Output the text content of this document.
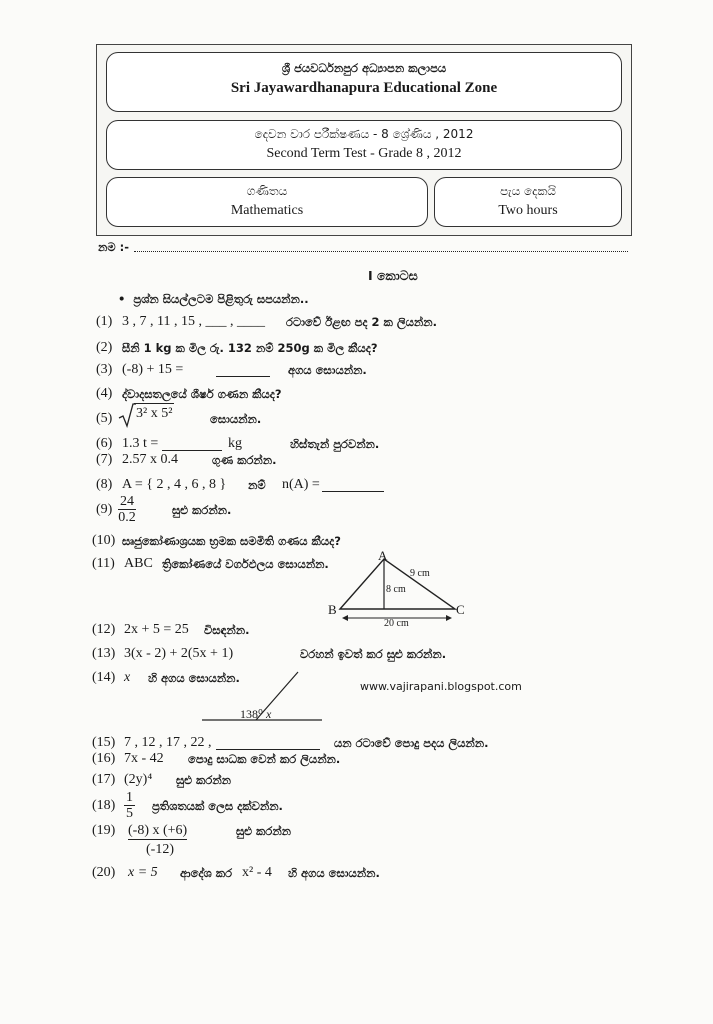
ශ්‍රී ජයවර්ධනපුර අධ්‍යාපන කලාපය
Sri Jayawardhanapura Educational Zone
දෙවන වාර පරීක්ෂණය - 8 ශ්‍රේණිය , 2012
Second Term Test - Grade 8 , 2012
ගණිතය
Mathematics
පැය දෙකයි
Two hours
නම :-
I කොටස
•  ප්‍රශ්න සියල්ලටම පිළිතුරු සපයන්න..
(1) 3 , 7 , 11 , 15 , ___ , ____ රටාවේ ඊළඟ පද 2 ක ලියන්න.
(2) සීනි 1 kg ක මිල රු. 132 නම් 250g ක මිල කීයද?
(3) (-8) + 15 =	අගය සොයන්න.
(4) ද්වාදසතලයේ ශීර්ෂ ගණන කීයද?
(5) 3² x 5²	සොයන්න.
(6) 1.3 t =	kg	හිස්තැන් පුරවන්න.
(7) 2.57 x 0.4	ගුණ කරන්න.
(8) A = { 2 , 4 , 6 , 8 } නම් n(A) =
$(9) \frac{24}{0.2}$	සුළු කරන්න.
(10) සෘජුකෝණාශ්‍රයක භ්‍රමක සමමිති ගණය කීයද?
(11) ABC ත්‍රිකෝණයේ වර්ගඵලය සොයන්න.
A
B	C
9 cm
8 cm
20 cm
(12) 2x + 5 = 25 විසඳන්න.
(13) 3(x - 2) + 2(5x + 1)	වරහන් ඉවත් කර සුළු කරන්න.
(14) x හි අගය සොයන්න.
138⁰ x
www.vajirapani.blogspot.com
(15) 7 , 12 , 17 , 22 ,	යන රටාවේ පොදු පදය ලියන්න.
(16) 7x - 42 පොදු සාධක වෙන් කර ලියන්න.
(17) (2y)⁴ සුළු කරන්න
$(18) \frac{1}{5}$ ප්‍රතිශතයක් ලෙස දක්වන්න.
(19) (-8) x (+6)
(-12)
සුළු කරන්න
(20) x = 5 ආදේශ කර x² - 4 හි අගය සොයන්න.
